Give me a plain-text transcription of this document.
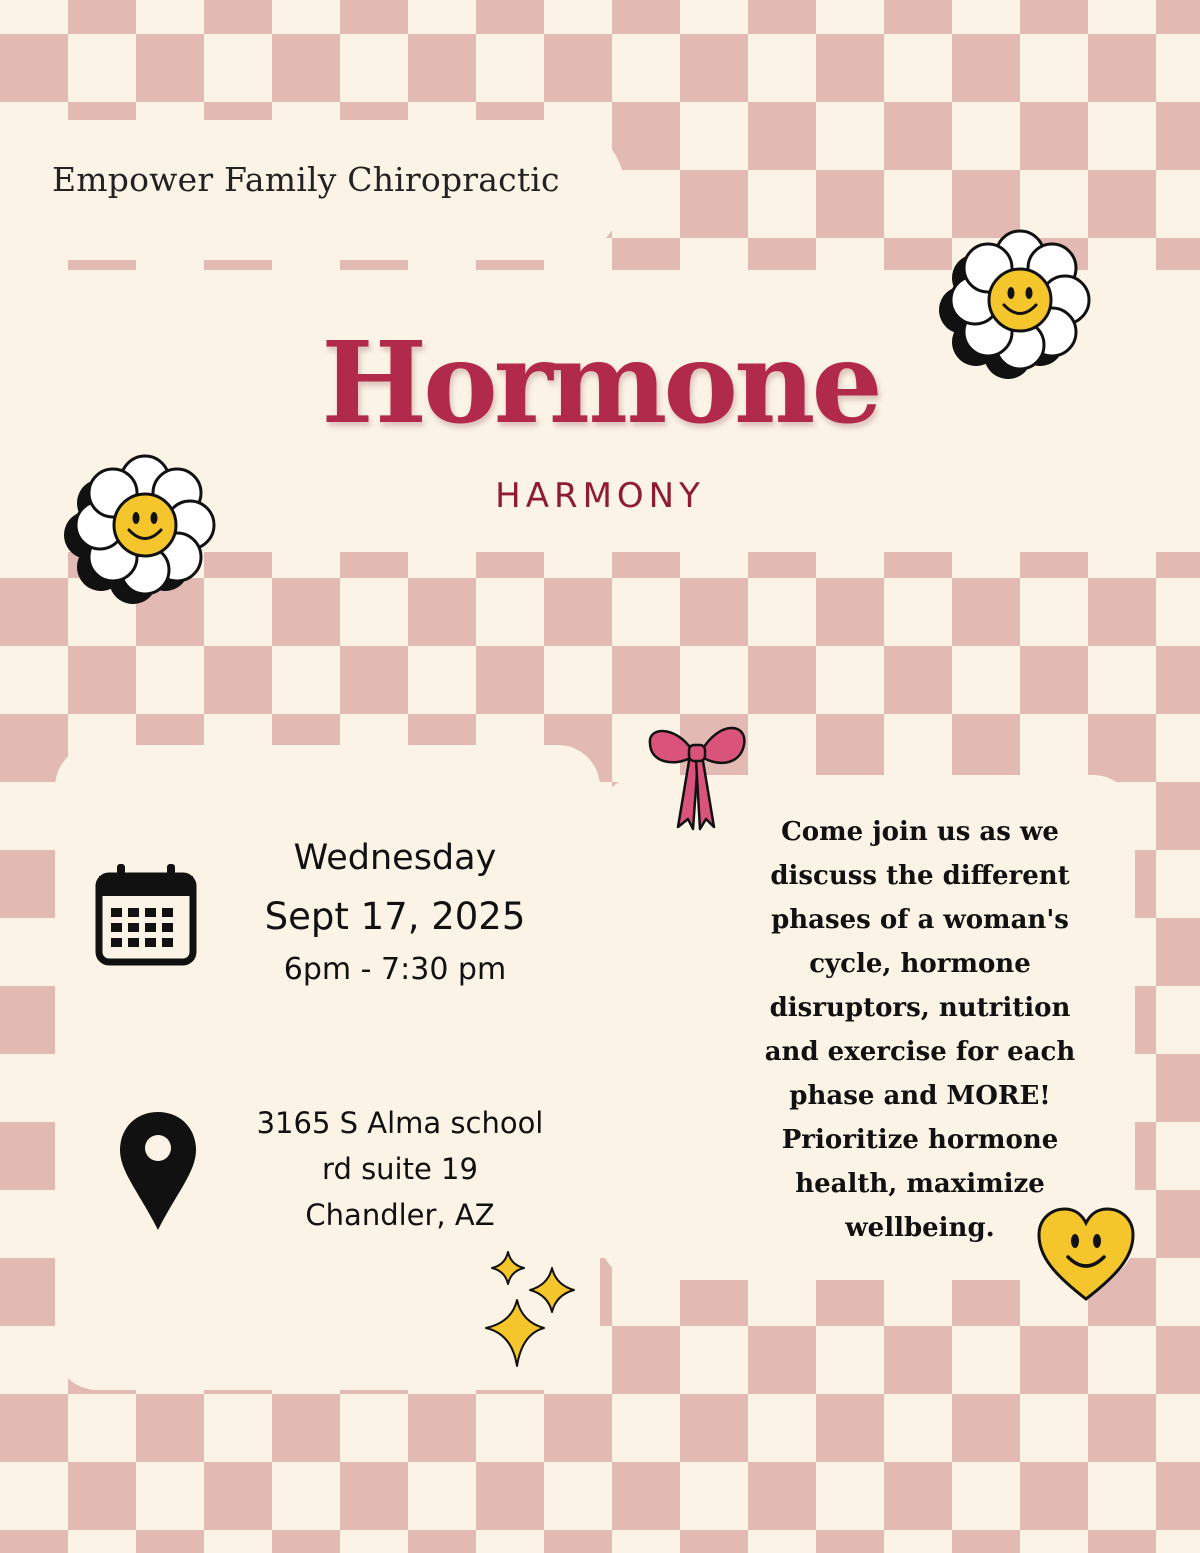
Empower Family Chiropractic
Hormone
HARMONY
Wednesday
Sept 17, 2025
6pm - 7:30 pm
3165 S Alma school
rd suite 19
Chandler, AZ
Come join us as we discuss the different phases of a woman's cycle, hormone disruptors, nutrition and exercise for each phase and MORE! Prioritize hormone health, maximize wellbeing.
